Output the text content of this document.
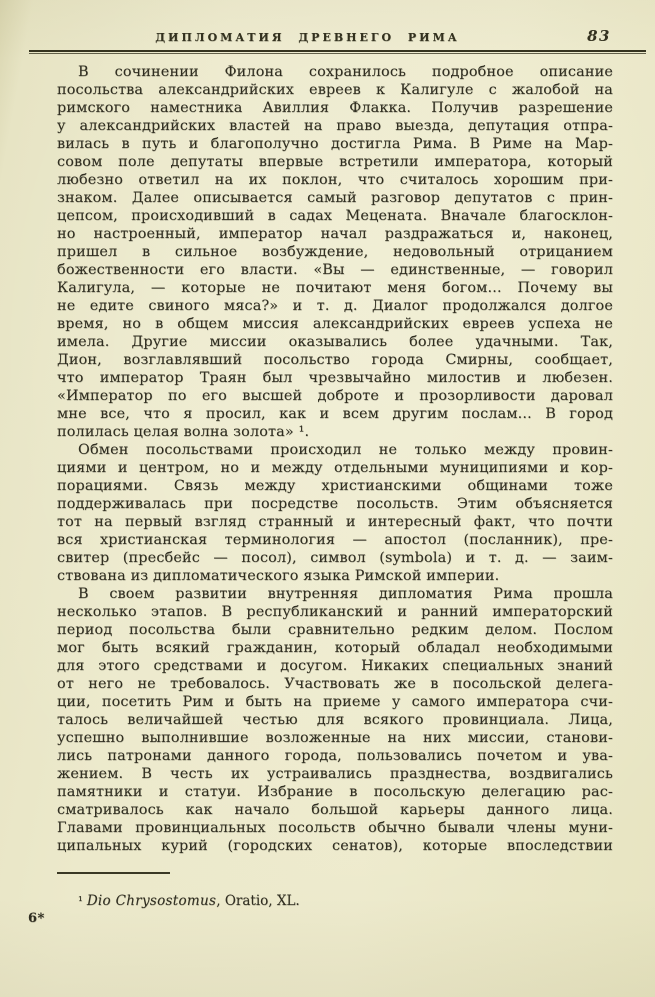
ДИПЛОМАТИЯ ДРЕВНЕГО РИМА	83
В сочинении Филона сохранилось подробное описание
посольства александрийских евреев к Калигуле с жалобой на
римского наместника Авиллия Флакка. Получив разрешение
у александрийских властей на право выезда, депутация отпра-
вилась в путь и благополучно достигла Рима. В Риме на Мар-
совом поле депутаты впервые встретили императора, который
любезно ответил на их поклон, что считалось хорошим при-
знаком. Далее описывается самый разговор депутатов с прин-
цепсом, происходивший в садах Мецената. Вначале благосклон-
но настроенный, император начал раздражаться и, наконец,
пришел в сильное возбуждение, недовольный отрицанием
божественности его власти. «Вы — единственные, — говорил
Калигула, — которые не почитают меня богом... Почему вы
не едите свиного мяса?» и т. д. Диалог продолжался долгое
время, но в общем миссия александрийских евреев успеха не
имела. Другие миссии оказывались более удачными. Так,
Дион, возглавлявший посольство города Смирны, сообщает,
что император Траян был чрезвычайно милостив и любезен.
«Император по его высшей доброте и прозорливости даровал
мне все, что я просил, как и всем другим послам... В город
полилась целая волна золота» ¹.
Обмен посольствами происходил не только между провин-
циями и центром, но и между отдельными муниципиями и кор-
порациями. Связь между христианскими общинами тоже
поддерживалась при посредстве посольств. Этим объясняется
тот на первый взгляд странный и интересный факт, что почти
вся христианская терминология — апостол (посланник), пре-
свитер (пресбейс — посол), символ (symbola) и т. д. — заим-
ствована из дипломатического языка Римской империи.
В своем развитии внутренняя дипломатия Рима прошла
несколько этапов. В республиканский и ранний императорский
период посольства были сравнительно редким делом. Послом
мог быть всякий гражданин, который обладал необходимыми
для этого средствами и досугом. Никаких специальных знаний
от него не требовалось. Участвовать же в посольской делега-
ции, посетить Рим и быть на приеме у самого императора счи-
талось величайшей честью для всякого провинциала. Лица,
успешно выполнившие возложенные на них миссии, станови-
лись патронами данного города, пользовались почетом и ува-
жением. В честь их устраивались празднества, воздвигались
памятники и статуи. Избрание в посольскую делегацию рас-
сматривалось как начало большой карьеры данного лица.
Главами провинциальных посольств обычно бывали члены муни-
ципальных курий (городских сенатов), которые впоследствии
¹ Dio Chrysostomus, Oratio, XL.
6*
